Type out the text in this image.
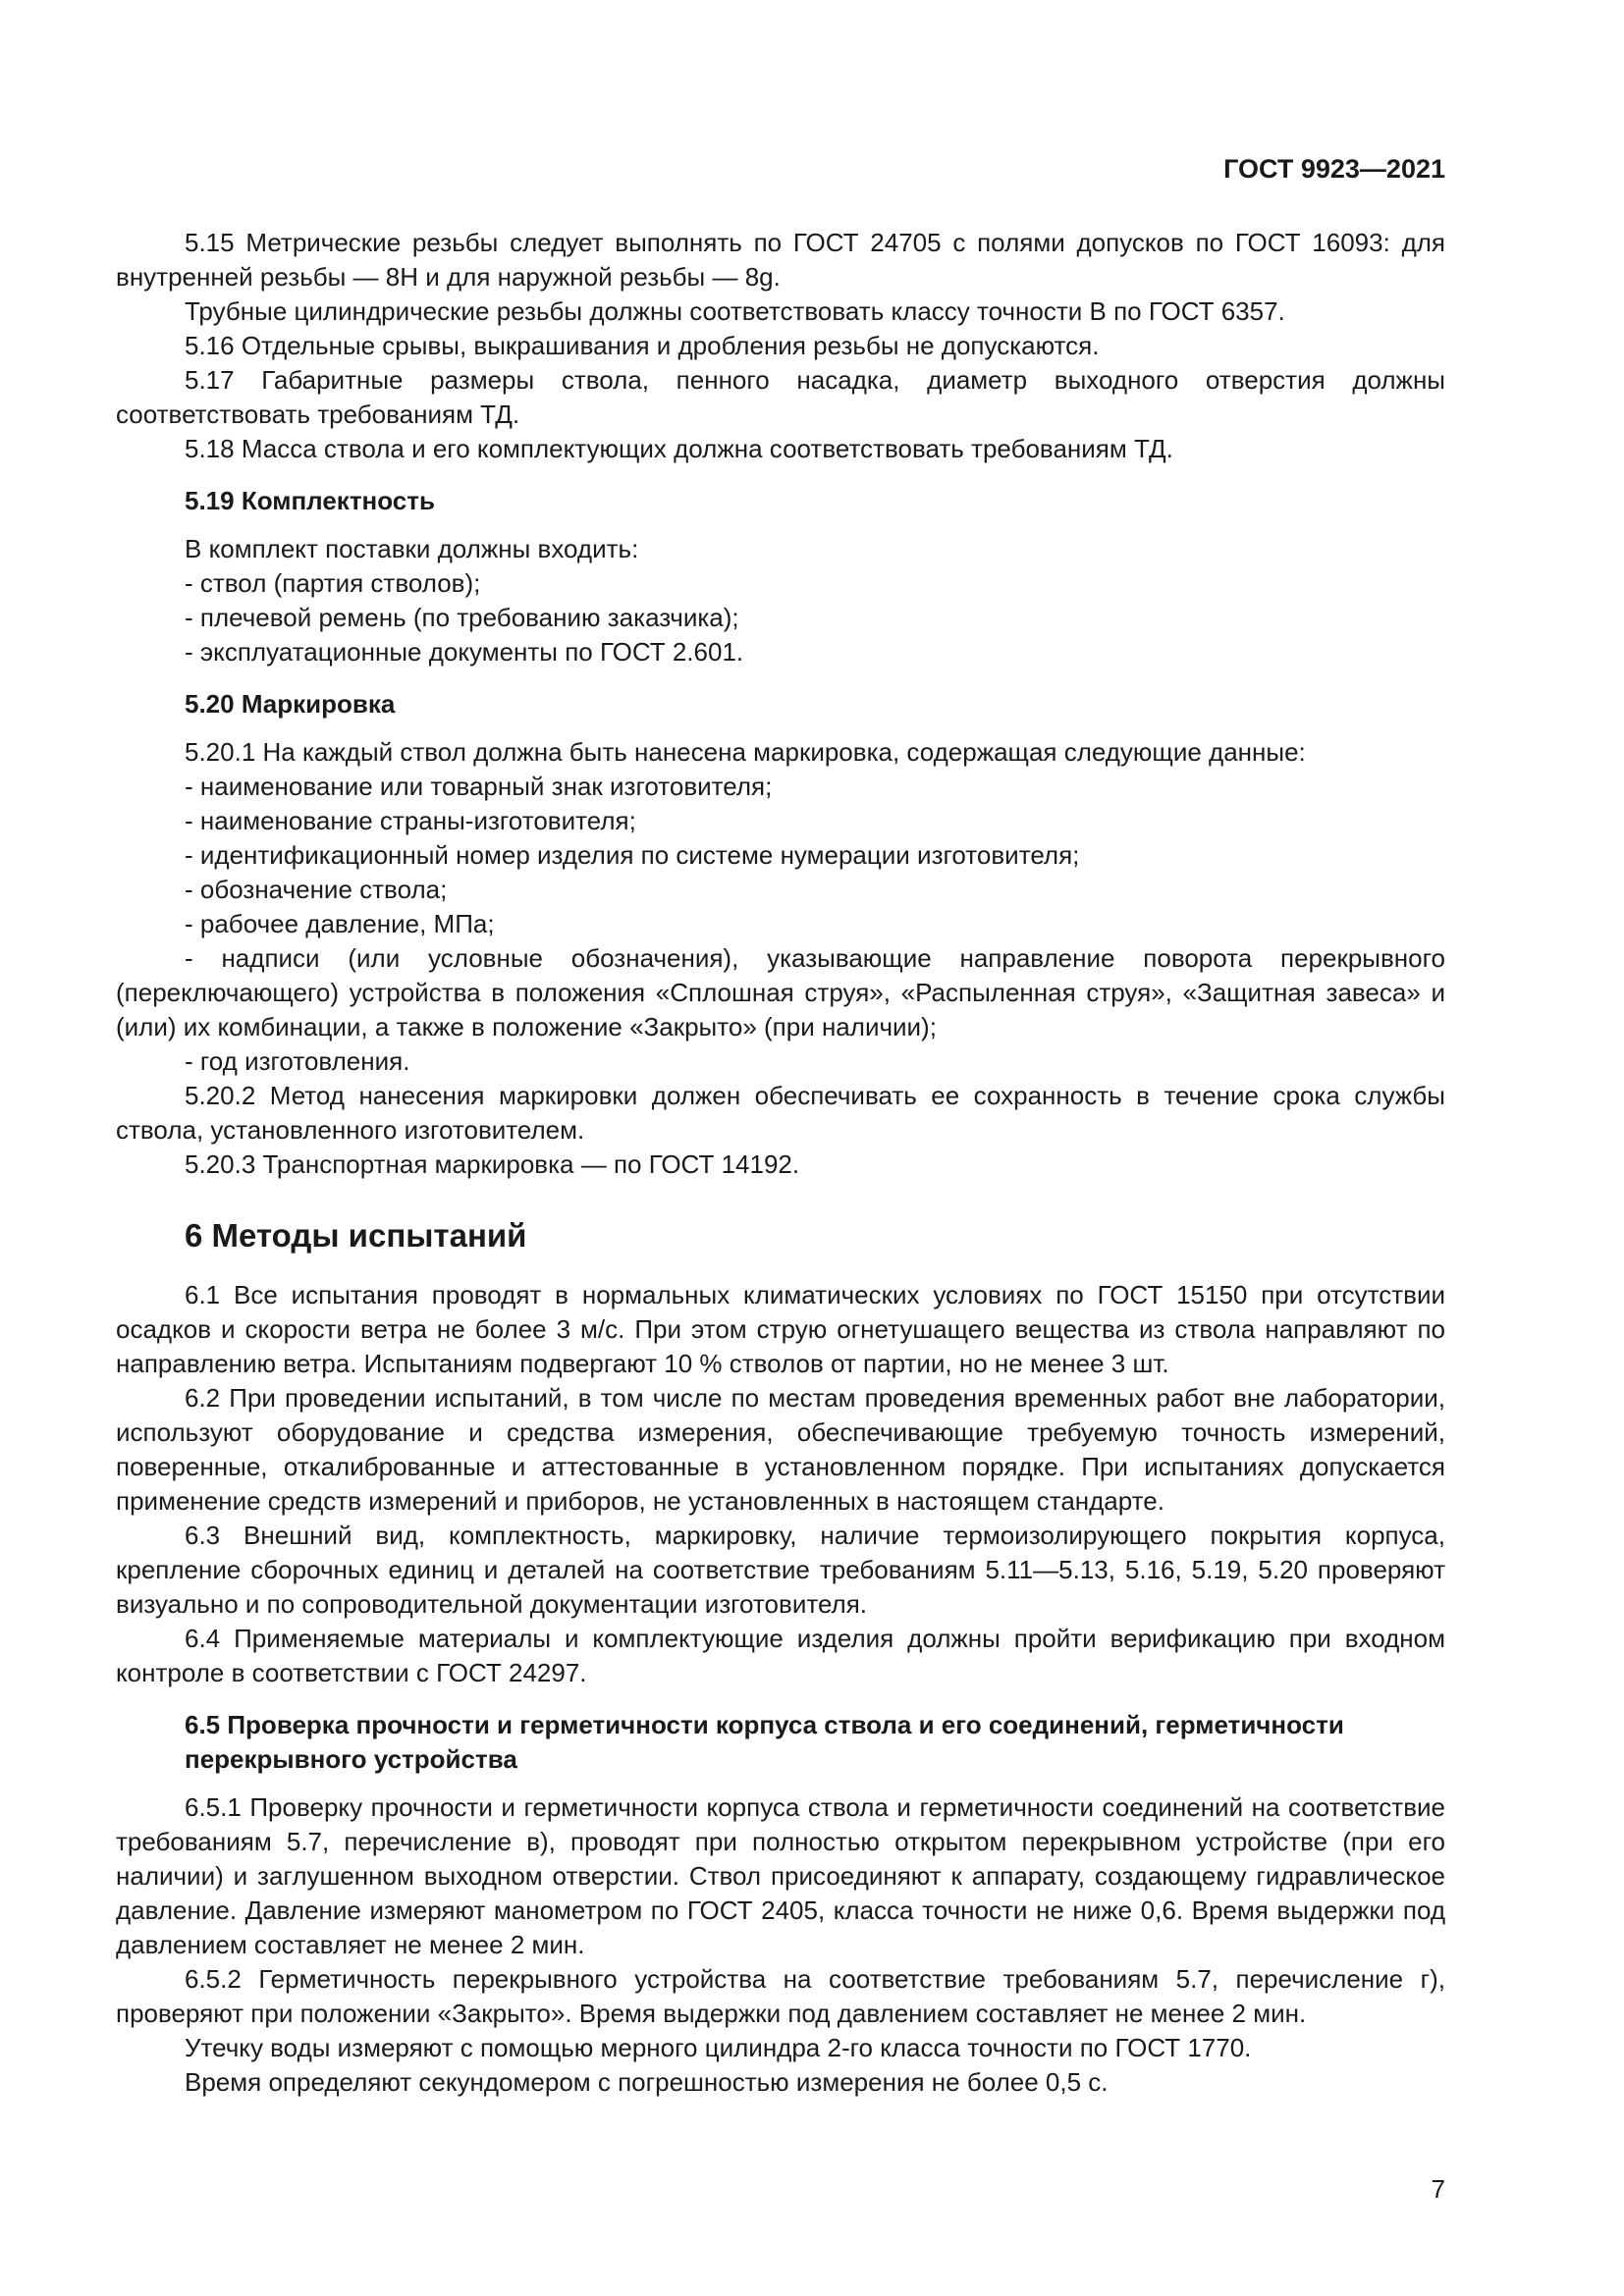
ГОСТ 9923—2021

5.15 Метрические резьбы следует выполнять по ГОСТ 24705 с полями допусков по ГОСТ 16093: для внутренней резьбы — 8H и для наружной резьбы — 8g.

Трубные цилиндрические резьбы должны соответствовать классу точности В по ГОСТ 6357.

5.16 Отдельные срывы, выкрашивания и дробления резьбы не допускаются.

5.17 Габаритные размеры ствола, пенного насадка, диаметр выходного отверстия должны соответствовать требованиям ТД.

5.18 Масса ствола и его комплектующих должна соответствовать требованиям ТД.

5.19 Комплектность

В комплект поставки должны входить:

- ствол (партия стволов);

- плечевой ремень (по требованию заказчика);

- эксплуатационные документы по ГОСТ 2.601.

5.20 Маркировка

5.20.1 На каждый ствол должна быть нанесена маркировка, содержащая следующие данные:

- наименование или товарный знак изготовителя;

- наименование страны-изготовителя;

- идентификационный номер изделия по системе нумерации изготовителя;

- обозначение ствола;

- рабочее давление, МПа;

- надписи (или условные обозначения), указывающие направление поворота перекрывного (переключающего) устройства в положения «Сплошная струя», «Распыленная струя», «Защитная завеса» и (или) их комбинации, а также в положение «Закрыто» (при наличии);

- год изготовления.

5.20.2 Метод нанесения маркировки должен обеспечивать ее сохранность в течение срока службы ствола, установленного изготовителем.

5.20.3 Транспортная маркировка — по ГОСТ 14192.

6 Методы испытаний

6.1 Все испытания проводят в нормальных климатических условиях по ГОСТ 15150 при отсутствии осадков и скорости ветра не более 3 м/с. При этом струю огнетушащего вещества из ствола направляют по направлению ветра. Испытаниям подвергают 10 % стволов от партии, но не менее 3 шт.

6.2 При проведении испытаний, в том числе по местам проведения временных работ вне лаборатории, используют оборудование и средства измерения, обеспечивающие требуемую точность измерений, поверенные, откалиброванные и аттестованные в установленном порядке. При испытаниях допускается применение средств измерений и приборов, не установленных в настоящем стандарте.

6.3 Внешний вид, комплектность, маркировку, наличие термоизолирующего покрытия корпуса, крепление сборочных единиц и деталей на соответствие требованиям 5.11—5.13, 5.16, 5.19, 5.20 проверяют визуально и по сопроводительной документации изготовителя.

6.4 Применяемые материалы и комплектующие изделия должны пройти верификацию при входном контроле в соответствии с ГОСТ 24297.

6.5 Проверка прочности и герметичности корпуса ствола и его соединений, герметичности перекрывного устройства

6.5.1 Проверку прочности и герметичности корпуса ствола и герметичности соединений на соответствие требованиям 5.7, перечисление в), проводят при полностью открытом перекрывном устройстве (при его наличии) и заглушенном выходном отверстии. Ствол присоединяют к аппарату, создающему гидравлическое давление. Давление измеряют манометром по ГОСТ 2405, класса точности не ниже 0,6. Время выдержки под давлением составляет не менее 2 мин.

6.5.2 Герметичность перекрывного устройства на соответствие требованиям 5.7, перечисление г), проверяют при положении «Закрыто». Время выдержки под давлением составляет не менее 2 мин.

Утечку воды измеряют с помощью мерного цилиндра 2-го класса точности по ГОСТ 1770.

Время определяют секундомером с погрешностью измерения не более 0,5 с.

7
